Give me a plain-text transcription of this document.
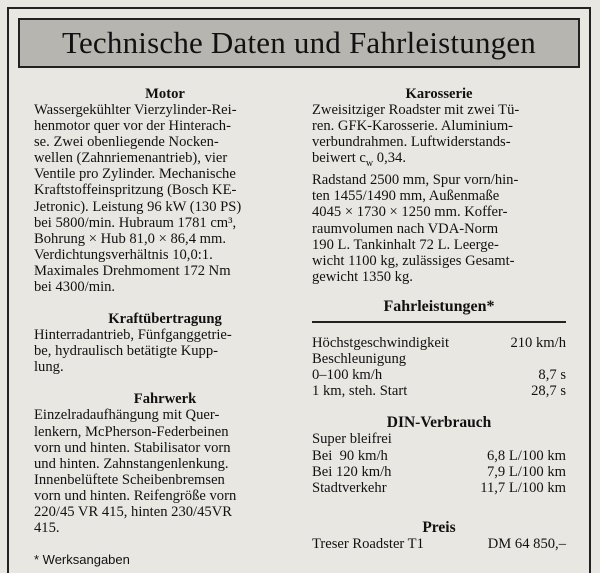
Technische Daten und Fahrleistungen
Motor
Wassergekühlter Vierzylinder-Rei-
henmotor quer vor der Hinterach-
se. Zwei obenliegende Nocken-
wellen (Zahnriemenantrieb), vier
Ventile pro Zylinder. Mechanische
Kraftstoffeinspritzung (Bosch KE-
Jetronic). Leistung 96 kW (130 PS)
bei 5800/min. Hubraum 1781 cm³,
Bohrung × Hub 81,0 × 86,4 mm.
Verdichtungsverhältnis 10,0:1.
Maximales Drehmoment 172 Nm
bei 4300/min.
Kraftübertragung
Hinterradantrieb, Fünfganggetrie-
be, hydraulisch betätigte Kupp-
lung.
Fahrwerk
Einzelradaufhängung mit Quer-
lenkern, McPherson-Federbeinen
vorn und hinten. Stabilisator vorn
und hinten. Zahnstangenlenkung.
Innenbelüftete Scheibenbremsen
vorn und hinten. Reifengröße vorn
220/45 VR 415, hinten 230/45VR
415.
* Werksangaben
Karosserie
Zweisitziger Roadster mit zwei Tü-
ren. GFK-Karosserie. Aluminium-
verbundrahmen. Luftwiderstands-
beiwert $c_w$ 0,34.
Radstand 2500 mm, Spur vorn/hin-
ten 1455/1490 mm, Außenmaße
4045 × 1730 × 1250 mm. Koffer-
raumvolumen nach VDA-Norm
190 L. Tankinhalt 72 L. Leerge-
wicht 1100 kg, zulässiges Gesamt-
gewicht 1350 kg.
Fahrleistungen*
Höchstgeschwindigkeit	210 km/h
Beschleunigung
0–100 km/h	8,7 s
1 km, steh. Start	28,7 s
DIN-Verbrauch
Super bleifrei
Bei 90 km/h	6,8 L/100 km
Bei 120 km/h	7,9 L/100 km
Stadtverkehr	11,7 L/100 km
Preis
Treser Roadster T1	DM 64 850,–
